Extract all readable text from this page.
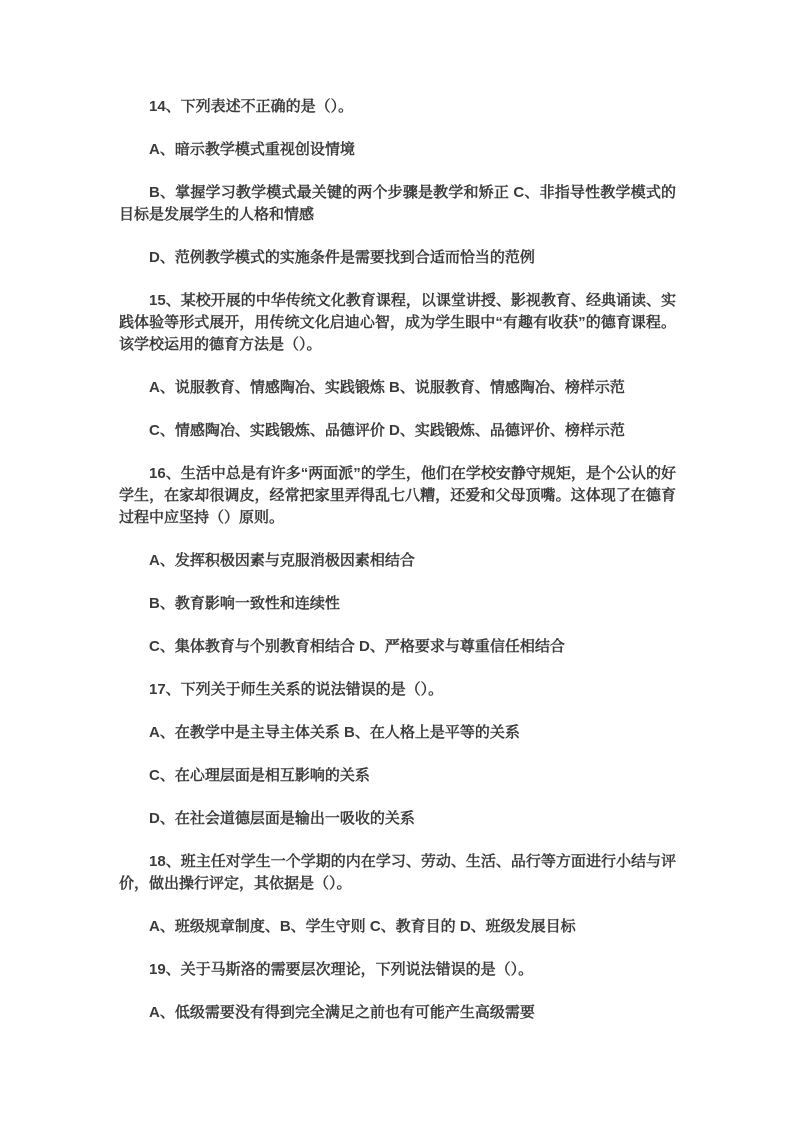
14、下列表述不正确的是（）。

A、暗示教学模式重视创设情境

B、掌握学习教学模式最关键的两个步骤是教学和矫正 C、非指导性教学模式的目标是发展学生的人格和情感

D、范例教学模式的实施条件是需要找到合适而恰当的范例

15、某校开展的中华传统文化教育课程，以课堂讲授、影视教育、经典诵读、实践体验等形式展开，用传统文化启迪心智，成为学生眼中“有趣有收获”的德育课程。该学校运用的德育方法是（）。

A、说服教育、情感陶冶、实践锻炼 B、说服教育、情感陶冶、榜样示范

C、情感陶冶、实践锻炼、品德评价 D、实践锻炼、品德评价、榜样示范

16、生活中总是有许多“两面派”的学生，他们在学校安静守规矩，是个公认的好学生，在家却很调皮，经常把家里弄得乱七八糟，还爱和父母顶嘴。这体现了在德育过程中应坚持（）原则。

A、发挥积极因素与克服消极因素相结合

B、教育影响一致性和连续性

C、集体教育与个别教育相结合 D、严格要求与尊重信任相结合

17、下列关于师生关系的说法错误的是（）。

A、在教学中是主导主体关系 B、在人格上是平等的关系

C、在心理层面是相互影响的关系

D、在社会道德层面是输出一吸收的关系

18、班主任对学生一个学期的内在学习、劳动、生活、品行等方面进行小结与评价，做出操行评定，其依据是（）。

A、班级规章制度、B、学生守则 C、教育目的 D、班级发展目标

19、关于马斯洛的需要层次理论，下列说法错误的是（）。

A、低级需要没有得到完全满足之前也有可能产生高级需要
